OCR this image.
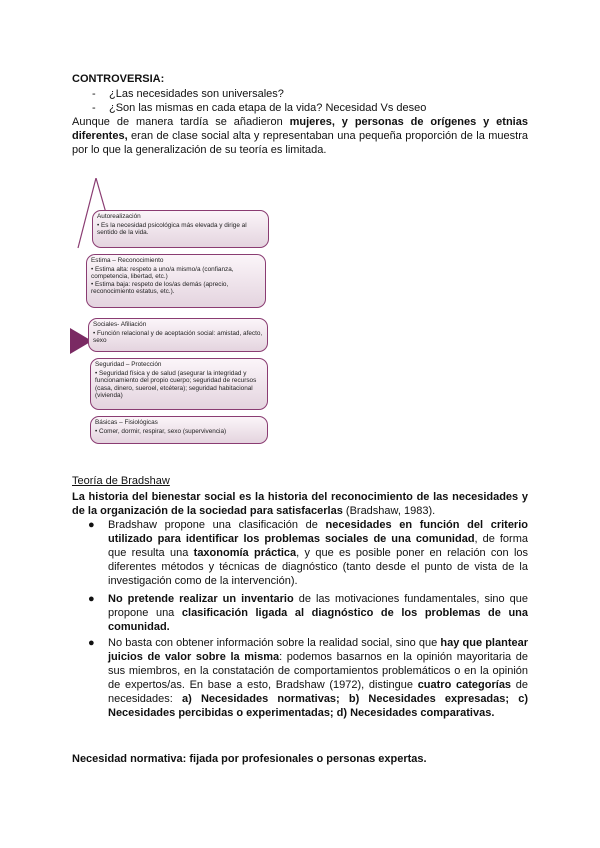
CONTROVERSIA:

- ¿Las necesidades son universales?
- ¿Son las mismas en cada etapa de la vida? Necesidad Vs deseo

Aunque de manera tardía se añadieron mujeres, y personas de orígenes y etnias diferentes, eran de clase social alta y representaban una pequeña proporción de la muestra por lo que la generalización de su teoría es limitada.

Autorealización
• Es la necesidad psicológica más elevada y dirige al sentido de la vida.
Estima – Reconocimiento
• Estima alta: respeto a uno/a mismo/a (confianza, competencia, libertad, etc.)
• Estima baja: respeto de los/as demás (aprecio, reconocimiento estatus, etc.).
Sociales- Afiliación
• Función relacional y de aceptación social: amistad, afecto, sexo
Seguridad – Protección
• Seguridad física y de salud (asegurar la integridad y funcionamiento del propio cuerpo; seguridad de recursos (casa, dinero, sueroel, etcétera); seguridad habitacional (vivienda)
Básicas – Fisiológicas
• Comer, dormir, respirar, sexo (supervivencia)

Teoría de Bradshaw

La historia del bienestar social es la historia del reconocimiento de las necesidades y de la organización de la sociedad para satisfacerlas (Bradshaw, 1983).

● Bradshaw propone una clasificación de necesidades en función del criterio utilizado para identificar los problemas sociales de una comunidad, de forma que resulta una taxonomía práctica, y que es posible poner en relación con los diferentes métodos y técnicas de diagnóstico (tanto desde el punto de vista de la investigación como de la intervención).

● No pretende realizar un inventario de las motivaciones fundamentales, sino que propone una clasificación ligada al diagnóstico de los problemas de una comunidad.

● No basta con obtener información sobre la realidad social, sino que hay que plantear juicios de valor sobre la misma: podemos basarnos en la opinión mayoritaria de sus miembros, en la constatación de comportamientos problemáticos o en la opinión de expertos/as. En base a esto, Bradshaw (1972), distingue cuatro categorías de necesidades: a) Necesidades normativas; b) Necesidades expresadas; c) Necesidades percibidas o experimentadas; d) Necesidades comparativas.

Necesidad normativa: fijada por profesionales o personas expertas.
